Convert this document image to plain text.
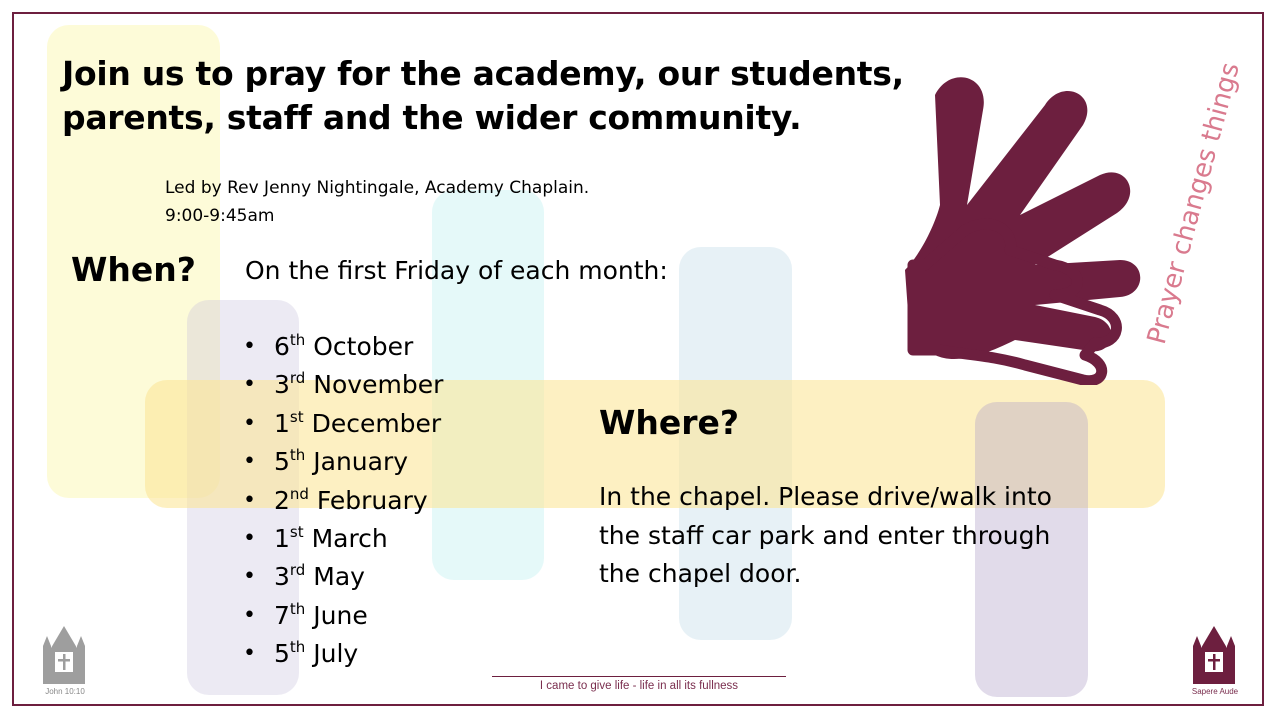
Join us to pray for the academy, our students, parents, staff and the wider community.
Led by Rev Jenny Nightingale, Academy Chaplain.
9:00-9:45am
When? On the first Friday of each month:
• 6th October
• 3rd November
• 1st December
• 5th January
• 2nd February
• 1st March
• 3rd May
• 7th June
• 5th July
Where?
In the chapel. Please drive/walk into the staff car park and enter through the chapel door.
Prayer changes things
I came to give life - life in all its fullness
John 10:10	Sapere Aude
